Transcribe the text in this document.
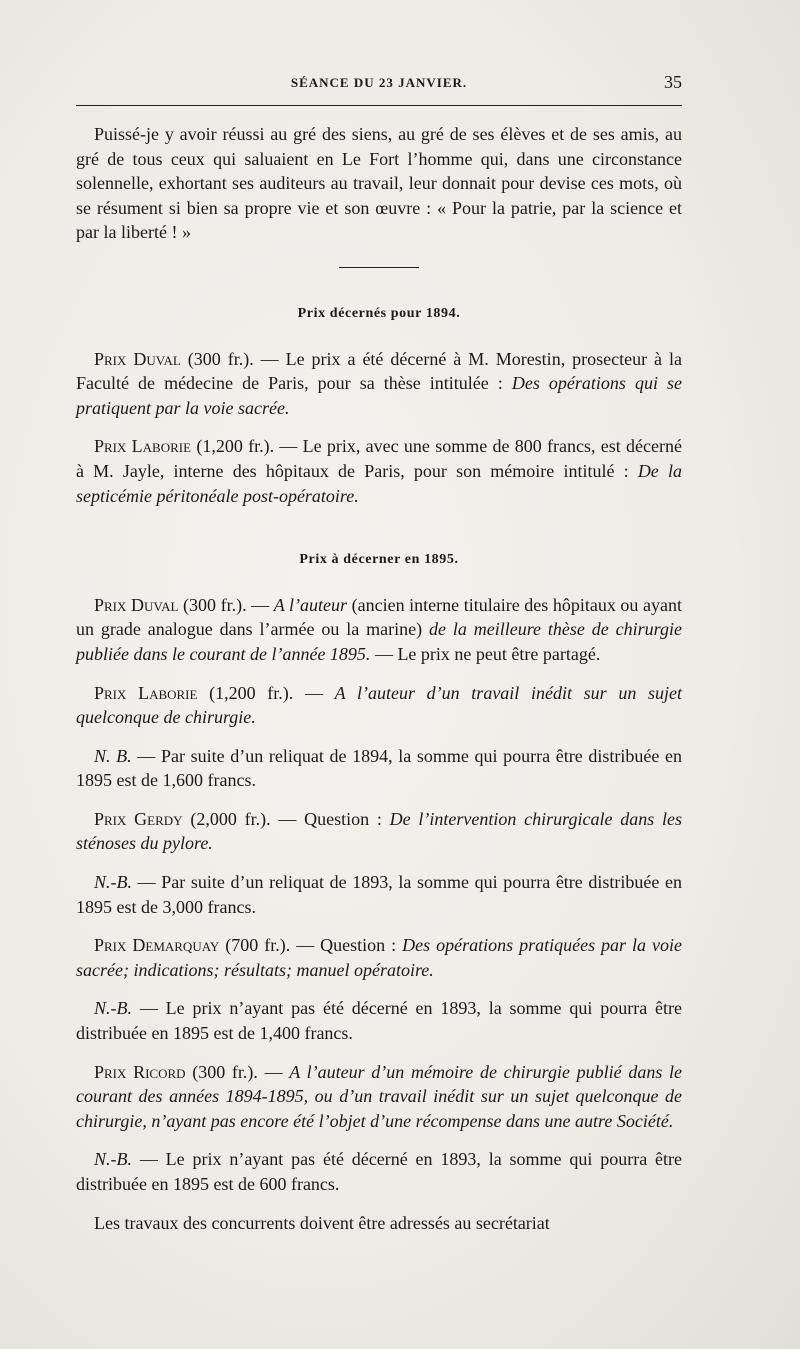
SÉANCE DU 23 JANVIER.	35

Puissé-je y avoir réussi au gré des siens, au gré de ses élèves et de ses amis, au gré de tous ceux qui saluaient en Le Fort l’homme qui, dans une circonstance solennelle, exhortant ses auditeurs au travail, leur donnait pour devise ces mots, où se résument si bien sa propre vie et son œuvre : « Pour la patrie, par la science et par la liberté ! »

Prix décernés pour 1894.

Prix Duval (300 fr.). — Le prix a été décerné à M. Morestin, prosecteur à la Faculté de médecine de Paris, pour sa thèse intitulée : Des opérations qui se pratiquent par la voie sacrée.

Prix Laborie (1,200 fr.). — Le prix, avec une somme de 800 francs, est décerné à M. Jayle, interne des hôpitaux de Paris, pour son mémoire intitulé : De la septicémie péritonéale post-opératoire.

Prix à décerner en 1895.

Prix Duval (300 fr.). — A l’auteur (ancien interne titulaire des hôpitaux ou ayant un grade analogue dans l’armée ou la marine) de la meilleure thèse de chirurgie publiée dans le courant de l’année 1895. — Le prix ne peut être partagé.

Prix Laborie (1,200 fr.). — A l’auteur d’un travail inédit sur un sujet quelconque de chirurgie.

N. B. — Par suite d’un reliquat de 1894, la somme qui pourra être distribuée en 1895 est de 1,600 francs.

Prix Gerdy (2,000 fr.). — Question : De l’intervention chirurgicale dans les sténoses du pylore.

N.-B. — Par suite d’un reliquat de 1893, la somme qui pourra être distribuée en 1895 est de 3,000 francs.

Prix Demarquay (700 fr.). — Question : Des opérations pratiquées par la voie sacrée; indications; résultats; manuel opératoire.

N.-B. — Le prix n’ayant pas été décerné en 1893, la somme qui pourra être distribuée en 1895 est de 1,400 francs.

Prix Ricord (300 fr.). — A l’auteur d’un mémoire de chirurgie publié dans le courant des années 1894-1895, ou d’un travail inédit sur un sujet quelconque de chirurgie, n’ayant pas encore été l’objet d’une récompense dans une autre Société.

N.-B. — Le prix n’ayant pas été décerné en 1893, la somme qui pourra être distribuée en 1895 est de 600 francs.

Les travaux des concurrents doivent être adressés au secrétariat
